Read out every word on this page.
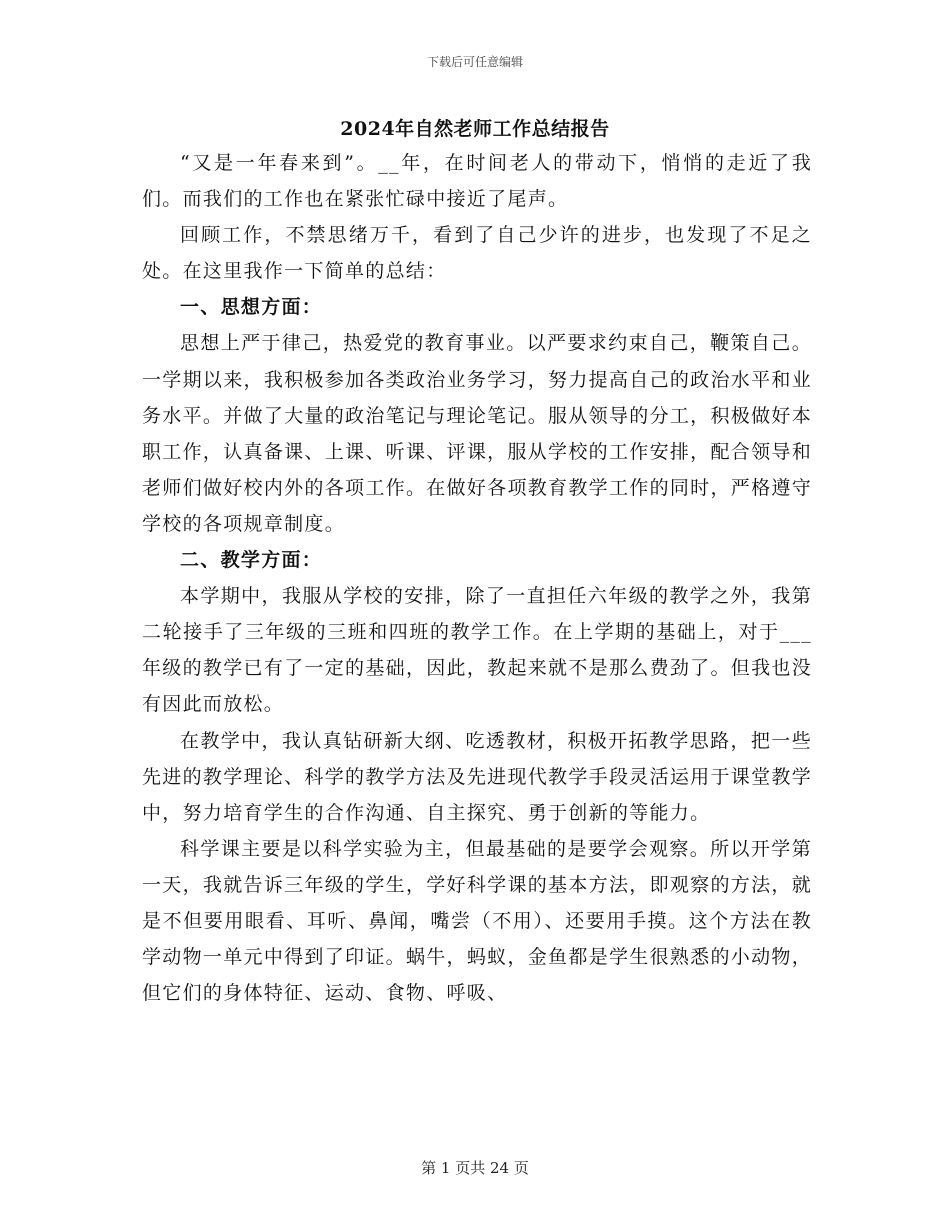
下载后可任意编辑
2024年自然老师工作总结报告

“又是一年春来到”。__年，在时间老人的带动下，悄悄的走近了我们。而我们的工作也在紧张忙碌中接近了尾声。

回顾工作，不禁思绪万千，看到了自己少许的进步，也发现了不足之处。在这里我作一下简单的总结：

一、思想方面：

思想上严于律己，热爱党的教育事业。以严要求约束自己，鞭策自己。一学期以来，我积极参加各类政治业务学习，努力提高自己的政治水平和业务水平。并做了大量的政治笔记与理论笔记。服从领导的分工，积极做好本职工作，认真备课、上课、听课、评课，服从学校的工作安排，配合领导和老师们做好校内外的各项工作。在做好各项教育教学工作的同时，严格遵守学校的各项规章制度。

二、教学方面：

本学期中，我服从学校的安排，除了一直担任六年级的教学之外，我第二轮接手了三年级的三班和四班的教学工作。在上学期的基础上，对于___年级的教学已有了一定的基础，因此，教起来就不是那么费劲了。但我也没有因此而放松。

在教学中，我认真钻研新大纲、吃透教材，积极开拓教学思路，把一些先进的教学理论、科学的教学方法及先进现代教学手段灵活运用于课堂教学中，努力培育学生的合作沟通、自主探究、勇于创新的等能力。

科学课主要是以科学实验为主，但最基础的是要学会观察。所以开学第一天，我就告诉三年级的学生，学好科学课的基本方法，即观察的方法，就是不但要用眼看、耳听、鼻闻，嘴尝（不用）、还要用手摸。这个方法在教学动物一单元中得到了印证。蜗牛，蚂蚁，金鱼都是学生很熟悉的小动物，但它们的身体特征、运动、食物、呼吸、

第 1 页共 24 页
